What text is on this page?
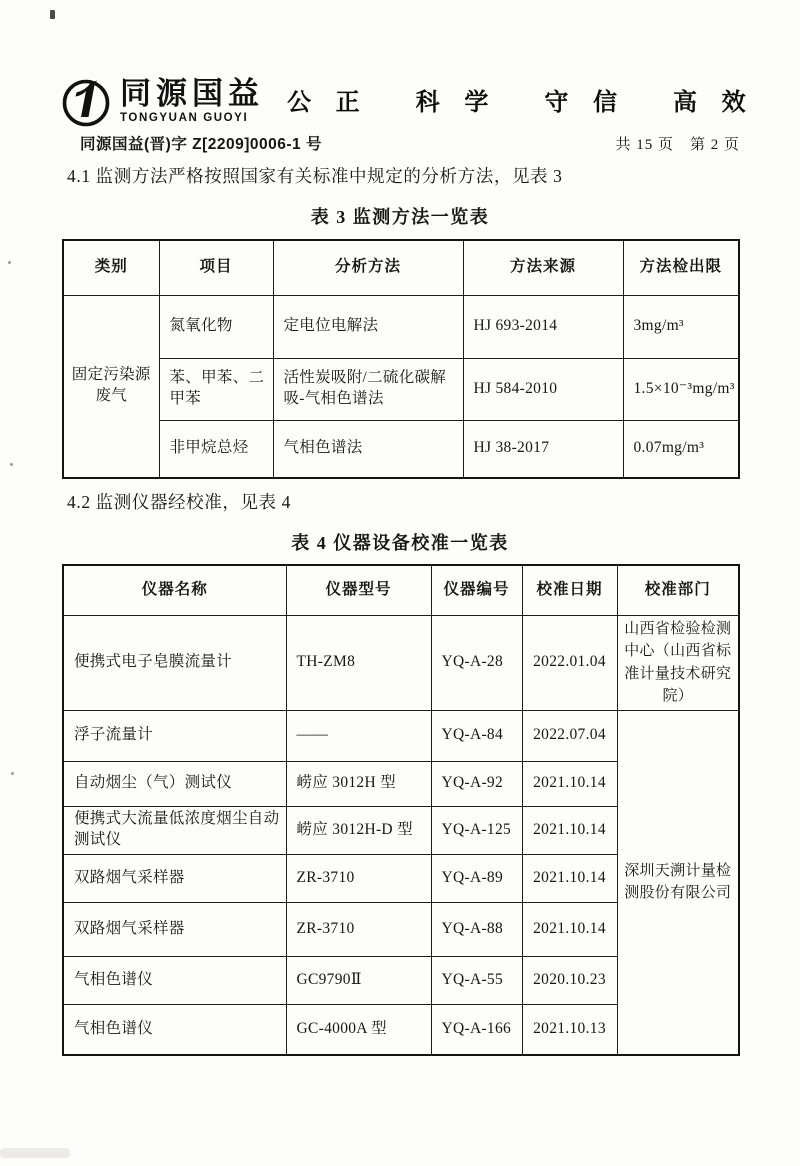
同源国益
TONGYUAN GUOYI
公 正 科 学 守 信 高 效
同源国益(晋)字 Z[2209]0006-1 号	共 15 页 第 2 页
4.1 监测方法严格按照国家有关标准中规定的分析方法，见表 3
表 3 监测方法一览表
类别	项目	分析方法	方法来源	方法检出限
固定污染源废气	氮氧化物	定电位电解法	HJ 693-2014	3mg/m³
	苯、甲苯、二甲苯	活性炭吸附/二硫化碳解吸-气相色谱法	HJ 584-2010	1.5×10⁻³mg/m³
	非甲烷总烃	气相色谱法	HJ 38-2017	0.07mg/m³
4.2 监测仪器经校准，见表 4
表 4 仪器设备校准一览表
仪器名称	仪器型号	仪器编号	校准日期	校准部门
便携式电子皂膜流量计	TH-ZM8	YQ-A-28	2022.01.04	山西省检验检测中心（山西省标准计量技术研究院）
浮子流量计	——	YQ-A-84	2022.07.04	深圳天溯计量检测股份有限公司
自动烟尘（气）测试仪	崂应 3012H 型	YQ-A-92	2021.10.14	
便携式大流量低浓度烟尘自动测试仪	崂应 3012H-D 型	YQ-A-125	2021.10.14	
双路烟气采样器	ZR-3710	YQ-A-89	2021.10.14	
双路烟气采样器	ZR-3710	YQ-A-88	2021.10.14	
气相色谱仪	GC9790Ⅱ	YQ-A-55	2020.10.23	
气相色谱仪	GC-4000A 型	YQ-A-166	2021.10.13	
